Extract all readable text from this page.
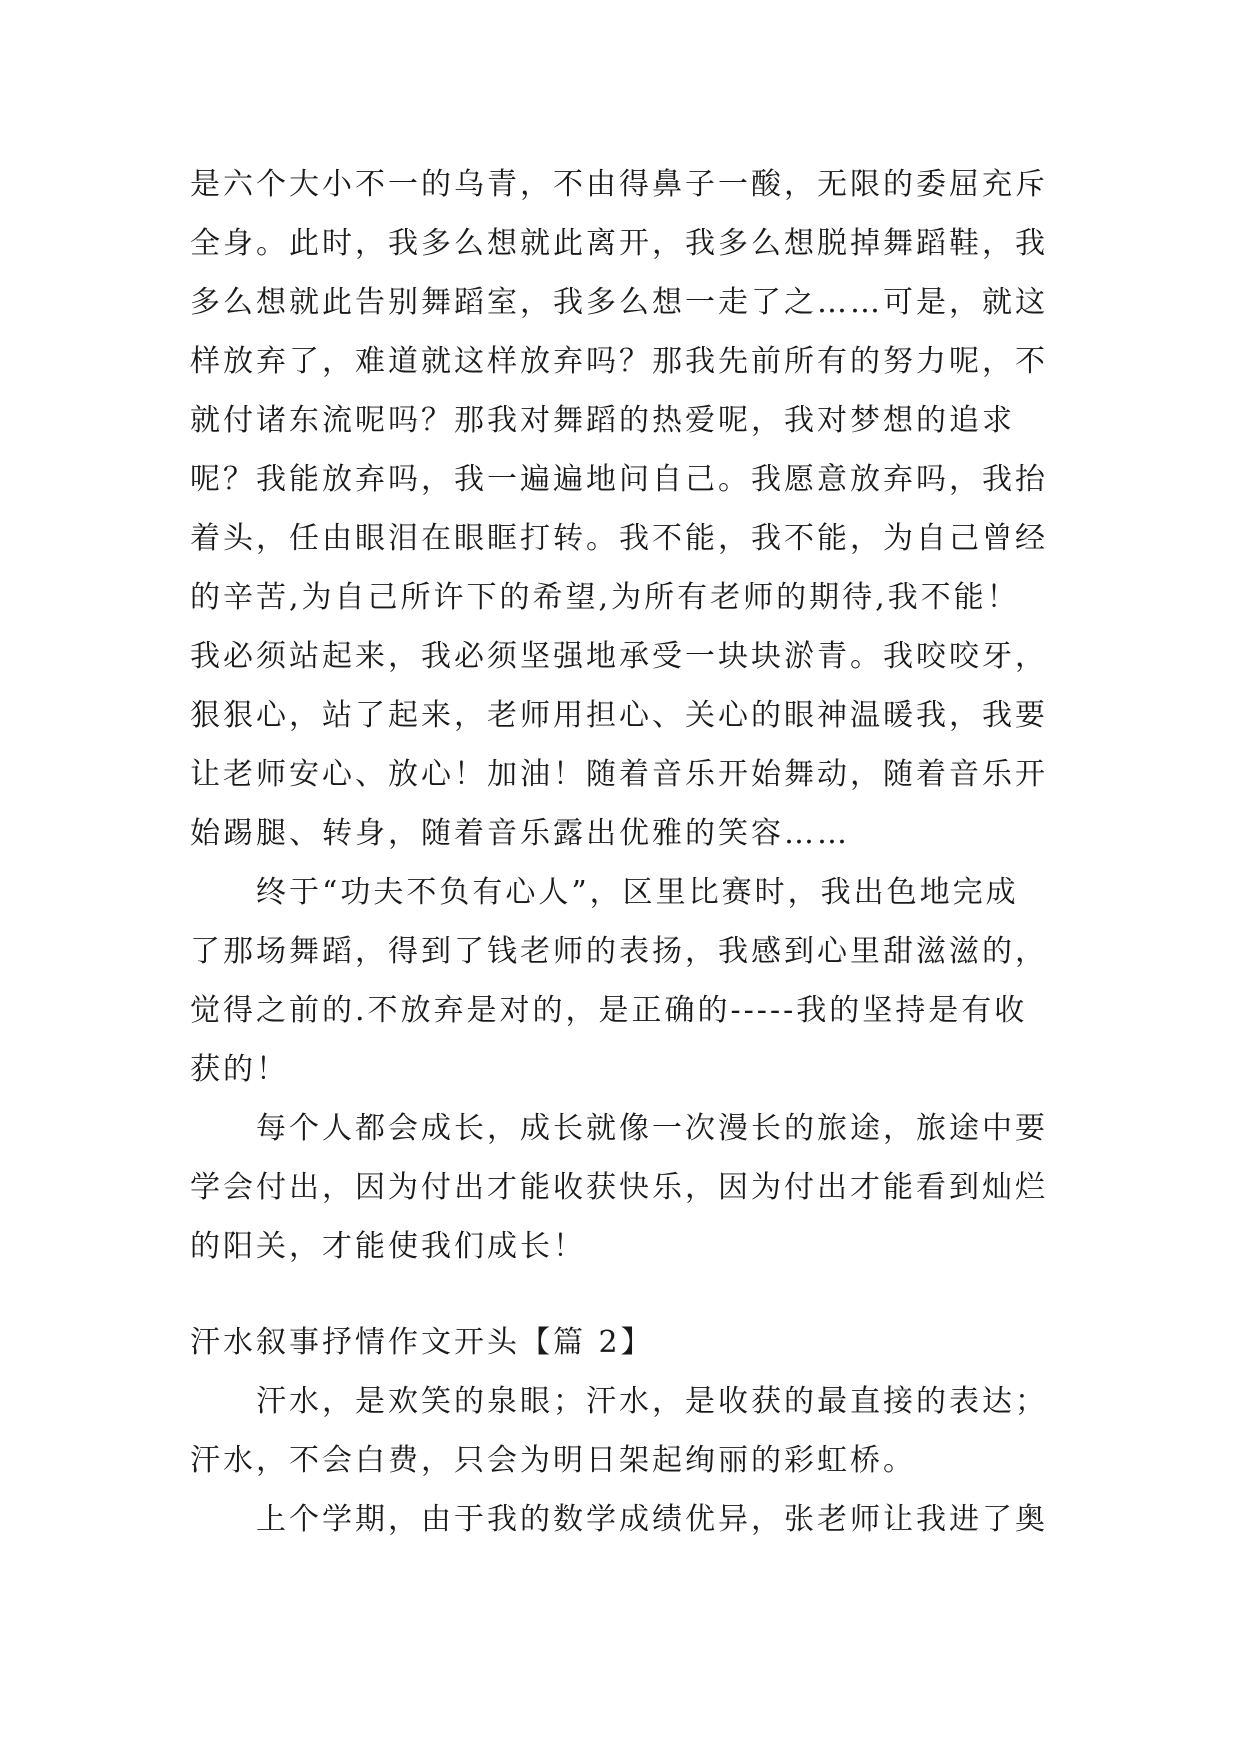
是六个大小不一的乌青，不由得鼻子一酸，无限的委屈充斥
全身。此时，我多么想就此离开，我多么想脱掉舞蹈鞋，我
多么想就此告别舞蹈室，我多么想一走了之……可是，就这
样放弃了，难道就这样放弃吗？那我先前所有的努力呢，不
就付诸东流呢吗？那我对舞蹈的热爱呢，我对梦想的追求
呢？我能放弃吗，我一遍遍地问自己。我愿意放弃吗，我抬
着头，任由眼泪在眼眶打转。我不能，我不能，为自己曾经
的辛苦,为自己所许下的希望,为所有老师的期待,我不能！
我必须站起来，我必须坚强地承受一块块淤青。我咬咬牙，
狠狠心，站了起来，老师用担心、关心的眼神温暖我，我要
让老师安心、放心！加油！随着音乐开始舞动，随着音乐开
始踢腿、转身，随着音乐露出优雅的笑容……
终于“功夫不负有心人”，区里比赛时，我出色地完成
了那场舞蹈，得到了钱老师的表扬，我感到心里甜滋滋的，
觉得之前的.不放弃是对的，是正确的-----我的坚持是有收
获的！
每个人都会成长，成长就像一次漫长的旅途，旅途中要
学会付出，因为付出才能收获快乐，因为付出才能看到灿烂
的阳关，才能使我们成长！
汗水叙事抒情作文开头【篇 2】
汗水，是欢笑的泉眼；汗水，是收获的最直接的表达；
汗水，不会白费，只会为明日架起绚丽的彩虹桥。
上个学期，由于我的数学成绩优异，张老师让我进了奥
